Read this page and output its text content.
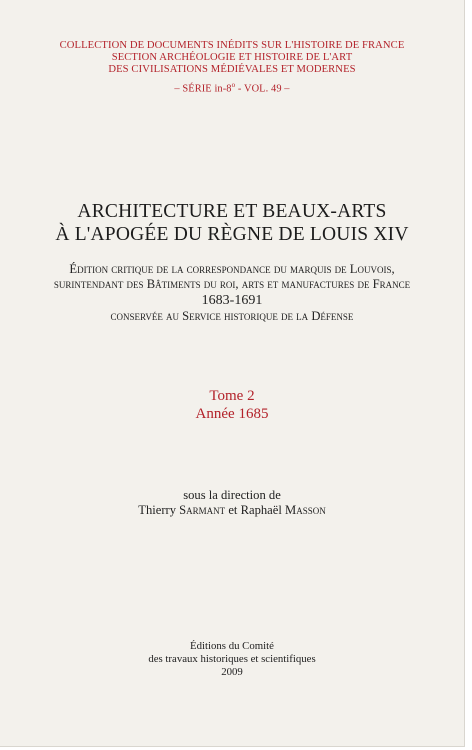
COLLECTION DE DOCUMENTS INÉDITS SUR L'HISTOIRE DE FRANCE
SECTION ARCHÉOLOGIE ET HISTOIRE DE L'ART
DES CIVILISATIONS MÉDIÉVALES ET MODERNES
– SÉRIE in-8$^o$ - VOL. 49 –
ARCHITECTURE ET BEAUX-ARTS
À L'APOGÉE DU RÈGNE DE LOUIS XIV
Édition critique de la correspondance du marquis de Louvois,
surintendant des Bâtiments du roi, arts et manufactures de France
1683-1691
conservée au Service historique de la Défense
Tome 2
Année 1685
sous la direction de
Thierry Sarmant et Raphaël Masson
Éditions du Comité
des travaux historiques et scientifiques
2009
